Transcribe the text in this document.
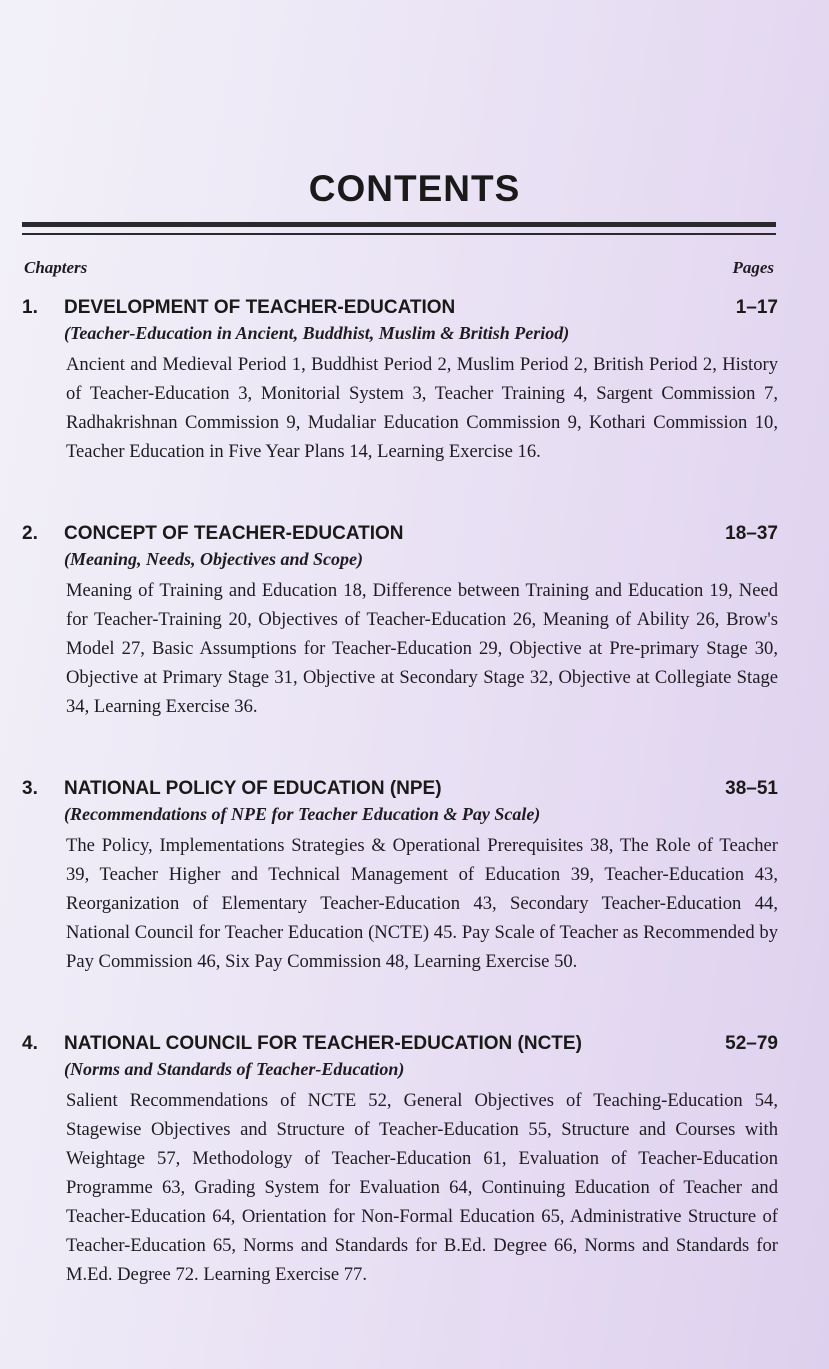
CONTENTS
Chapters	Pages
1.	DEVELOPMENT OF TEACHER-EDUCATION	1–17
(Teacher-Education in Ancient, Buddhist, Muslim & British Period)
Ancient and Medieval Period 1, Buddhist Period 2, Muslim Period 2, British Period 2, History of Teacher-Education 3, Monitorial System 3, Teacher Training 4, Sargent Commission 7, Radhakrishnan Commission 9, Mudaliar Education Commission 9, Kothari Commission 10, Teacher Education in Five Year Plans 14, Learning Exercise 16.
2.	CONCEPT OF TEACHER-EDUCATION	18–37
(Meaning, Needs, Objectives and Scope)
Meaning of Training and Education 18, Difference between Training and Education 19, Need for Teacher-Training 20, Objectives of Teacher-Education 26, Meaning of Ability 26, Brow's Model 27, Basic Assumptions for Teacher-Education 29, Objective at Pre-primary Stage 30, Objective at Primary Stage 31, Objective at Secondary Stage 32, Objective at Collegiate Stage 34, Learning Exercise 36.
3.	NATIONAL POLICY OF EDUCATION (NPE)	38–51
(Recommendations of NPE for Teacher Education & Pay Scale)
The Policy, Implementations Strategies & Operational Prerequisites 38, The Role of Teacher 39, Teacher Higher and Technical Management of Education 39, Teacher-Education 43, Reorganization of Elementary Teacher-Education 43, Secondary Teacher-Education 44, National Council for Teacher Education (NCTE) 45. Pay Scale of Teacher as Recommended by Pay Commission 46, Six Pay Commission 48, Learning Exercise 50.
4.	NATIONAL COUNCIL FOR TEACHER-EDUCATION (NCTE)	52–79
(Norms and Standards of Teacher-Education)
Salient Recommendations of NCTE 52, General Objectives of Teaching-Education 54, Stagewise Objectives and Structure of Teacher-Education 55, Structure and Courses with Weightage 57, Methodology of Teacher-Education 61, Evaluation of Teacher-Education Programme 63, Grading System for Evaluation 64, Continuing Education of Teacher and Teacher-Education 64, Orientation for Non-Formal Education 65, Administrative Structure of Teacher-Education 65, Norms and Standards for B.Ed. Degree 66, Norms and Standards for M.Ed. Degree 72. Learning Exercise 77.
